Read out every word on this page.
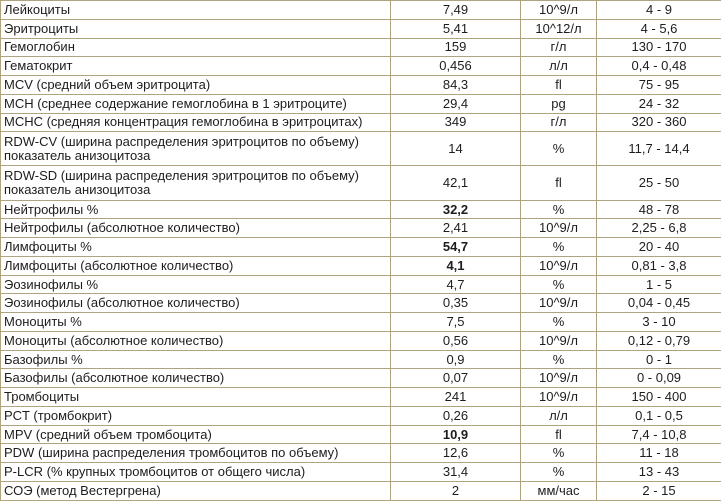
Лейкоциты	7,49	10^9/л	4 - 9
Эритроциты	5,41	10^12/л	4 - 5,6
Гемоглобин	159	г/л	130 - 170
Гематокрит	0,456	л/л	0,4 - 0,48
MCV (средний объем эритроцита)	84,3	fl	75 - 95
MCH (среднее содержание гемоглобина в 1 эритроците)	29,4	pg	24 - 32
MCHC (средняя концентрация гемоглобина в эритроцитах)	349	г/л	320 - 360
RDW-CV (ширина распределения эритроцитов по объему) показатель анизоцитоза	14	%	11,7 - 14,4
RDW-SD (ширина распределения эритроцитов по объему) показатель анизоцитоза	42,1	fl	25 - 50
Нейтрофилы %	32,2	%	48 - 78
Нейтрофилы (абсолютное количество)	2,41	10^9/л	2,25 - 6,8
Лимфоциты %	54,7	%	20 - 40
Лимфоциты (абсолютное количество)	4,1	10^9/л	0,81 - 3,8
Эозинофилы %	4,7	%	1 - 5
Эозинофилы (абсолютное количество)	0,35	10^9/л	0,04 - 0,45
Моноциты %	7,5	%	3 - 10
Моноциты (абсолютное количество)	0,56	10^9/л	0,12 - 0,79
Базофилы %	0,9	%	0 - 1
Базофилы (абсолютное количество)	0,07	10^9/л	0 - 0,09
Тромбоциты	241	10^9/л	150 - 400
PCT (тромбокрит)	0,26	л/л	0,1 - 0,5
MPV (средний объем тромбоцита)	10,9	fl	7,4 - 10,8
PDW (ширина распределения тромбоцитов по объему)	12,6	%	11 - 18
P-LCR (% крупных тромбоцитов от общего числа)	31,4	%	13 - 43
СОЭ (метод Вестергрена)	2	мм/час	2 - 15
